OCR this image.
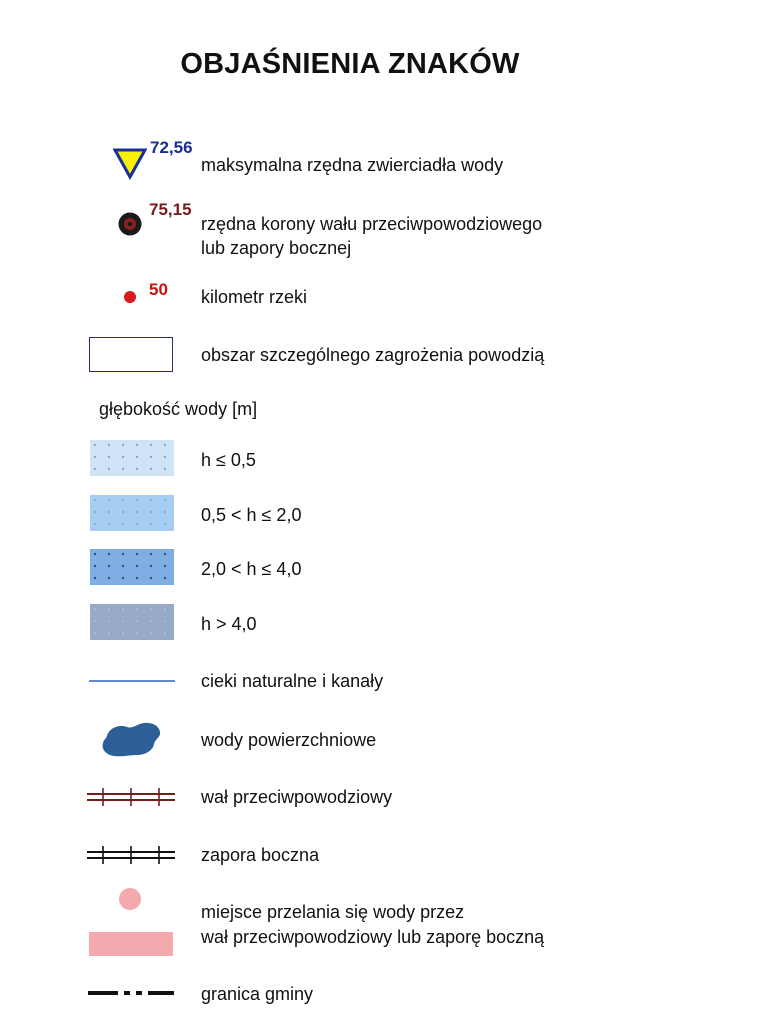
OBJAŚNIENIA ZNAKÓW
72,56
maksymalna rzędna zwierciadła wody
75,15
rzędna korony wału przeciwpowodziowego
lub zapory bocznej
50 kilometr rzeki
obszar szczególnego zagrożenia powodzią
głębokość wody [m]
h ≤ 0,5
0,5 < h ≤ 2,0
2,0 < h ≤ 4,0
h > 4,0
cieki naturalne i kanały
wody powierzchniowe
wał przeciwpowodziowy
zapora boczna
miejsce przelania się wody przez
wał przeciwpowodziowy lub zaporę boczną
granica gminy
